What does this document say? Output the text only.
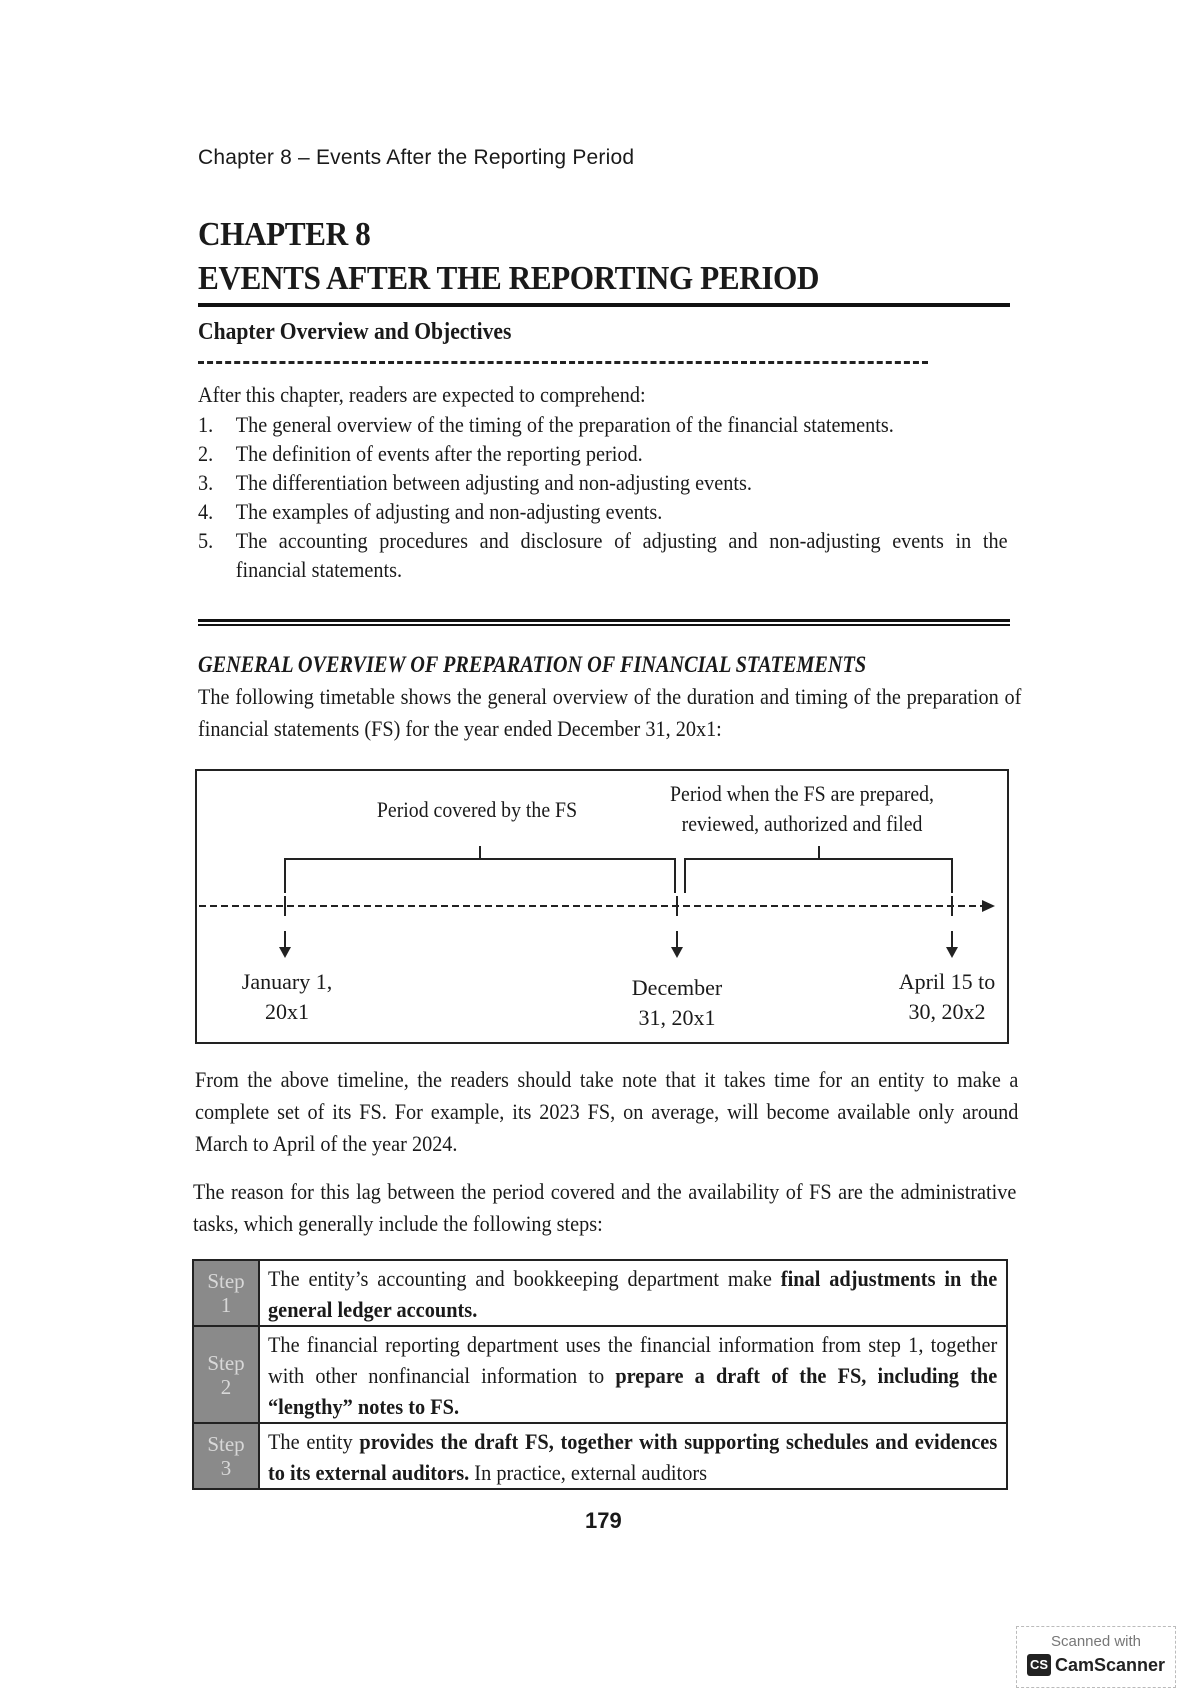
Chapter 8 – Events After the Reporting Period
CHAPTER 8
EVENTS AFTER THE REPORTING PERIOD
Chapter Overview and Objectives
After this chapter, readers are expected to comprehend:
1. The general overview of the timing of the preparation of the financial statements.
2. The definition of events after the reporting period.
3. The differentiation between adjusting and non-adjusting events.
4. The examples of adjusting and non-adjusting events.
5. The accounting procedures and disclosure of adjusting and non-adjusting events in the financial statements.
GENERAL OVERVIEW OF PREPARATION OF FINANCIAL STATEMENTS
The following timetable shows the general overview of the duration and timing of the preparation of financial statements (FS) for the year ended December 31, 20x1:
Period covered by the FS
Period when the FS are prepared,
reviewed, authorized and filed
January 1,
20x1
December
31, 20x1
April 15 to
30, 20x2
From the above timeline, the readers should take note that it takes time for an entity to make a complete set of its FS. For example, its 2023 FS, on average, will become available only around March to April of the year 2024.
The reason for this lag between the period covered and the availability of FS are the administrative tasks, which generally include the following steps:
Step
1
The entity’s accounting and bookkeeping department make final adjustments in the general ledger accounts.
Step
2
The financial reporting department uses the financial information from step 1, together with other nonfinancial information to prepare a draft of the FS, including the “lengthy” notes to FS.
Step
3
The entity provides the draft FS, together with supporting schedules and evidences to its external auditors. In practice, external auditors
179
Scanned with
CS CamScanner
